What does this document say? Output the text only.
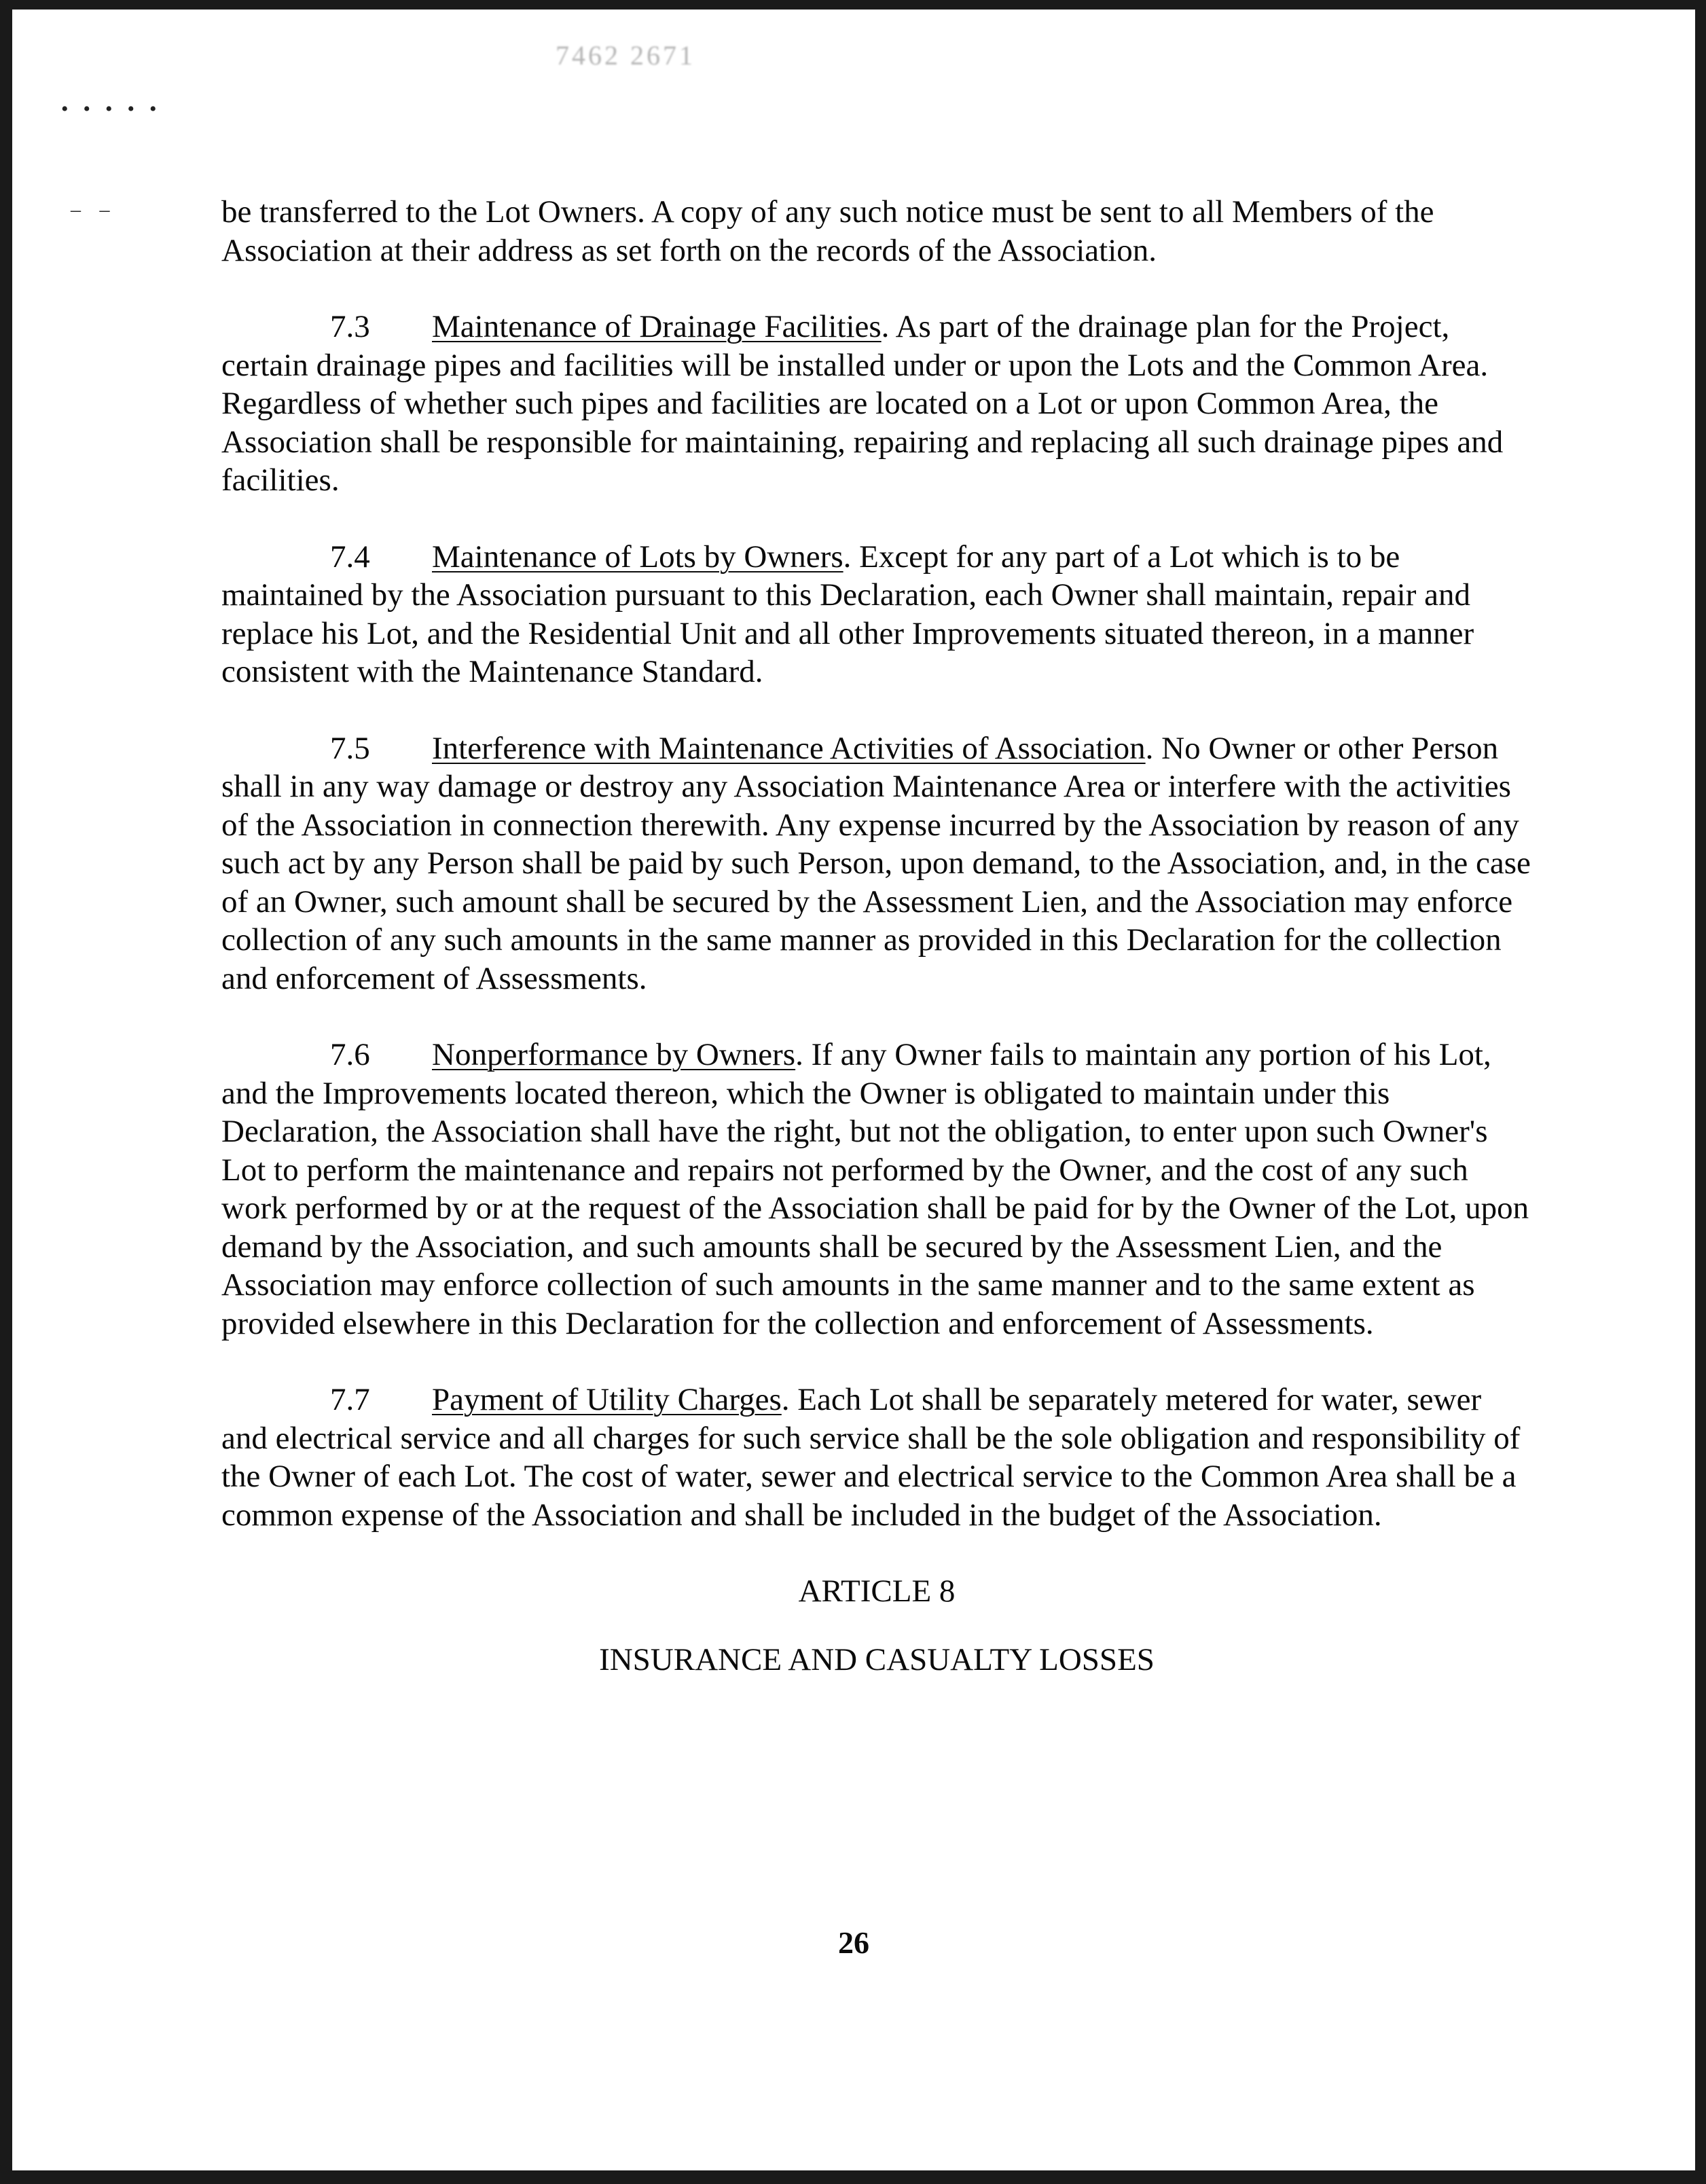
7462 2671
•••••
– –	be transferred to the Lot Owners. A copy of any such notice must be sent to all Members of the Association at their address as set forth on the records of the Association.

7.3 Maintenance of Drainage Facilities. As part of the drainage plan for the Project, certain drainage pipes and facilities will be installed under or upon the Lots and the Common Area. Regardless of whether such pipes and facilities are located on a Lot or upon Common Area, the Association shall be responsible for maintaining, repairing and replacing all such drainage pipes and facilities.

7.4 Maintenance of Lots by Owners. Except for any part of a Lot which is to be maintained by the Association pursuant to this Declaration, each Owner shall maintain, repair and replace his Lot, and the Residential Unit and all other Improvements situated thereon, in a manner consistent with the Maintenance Standard.

7.5 Interference with Maintenance Activities of Association. No Owner or other Person shall in any way damage or destroy any Association Maintenance Area or interfere with the activities of the Association in connection therewith. Any expense incurred by the Association by reason of any such act by any Person shall be paid by such Person, upon demand, to the Association, and, in the case of an Owner, such amount shall be secured by the Assessment Lien, and the Association may enforce collection of any such amounts in the same manner as provided in this Declaration for the collection and enforcement of Assessments.

7.6 Nonperformance by Owners. If any Owner fails to maintain any portion of his Lot, and the Improvements located thereon, which the Owner is obligated to maintain under this Declaration, the Association shall have the right, but not the obligation, to enter upon such Owner's Lot to perform the maintenance and repairs not performed by the Owner, and the cost of any such work performed by or at the request of the Association shall be paid for by the Owner of the Lot, upon demand by the Association, and such amounts shall be secured by the Assessment Lien, and the Association may enforce collection of such amounts in the same manner and to the same extent as provided elsewhere in this Declaration for the collection and enforcement of Assessments.

7.7 Payment of Utility Charges. Each Lot shall be separately metered for water, sewer and electrical service and all charges for such service shall be the sole obligation and responsibility of the Owner of each Lot. The cost of water, sewer and electrical service to the Common Area shall be a common expense of the Association and shall be included in the budget of the Association.

ARTICLE 8

INSURANCE AND CASUALTY LOSSES

26
